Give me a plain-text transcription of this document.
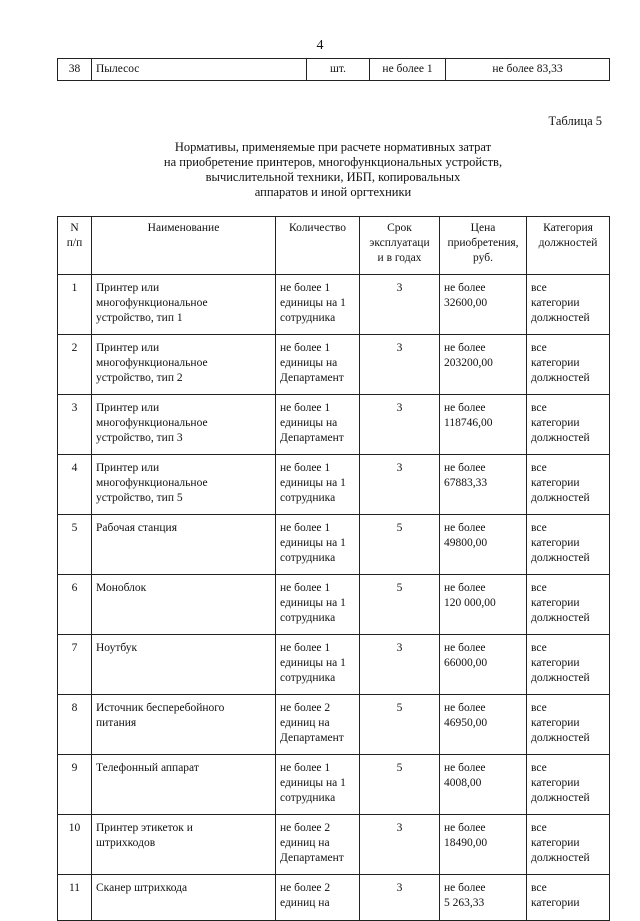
4
38	Пылесос	шт.	не более 1	не более 83,33
Таблица 5
Нормативы, применяемые при расчете нормативных затрат
на приобретение принтеров, многофункциональных устройств,
вычислительной техники, ИБП, копировальных
аппаратов и иной оргтехники
N
п/п	Наименование	Количество	Срок
эксплуатаци
и в годах	Цена
приобретения,
руб.	Категория
должностей

1	Принтер или
многофункциональное
устройство, тип 1	не более 1
единицы на 1
сотрудника	3	не более
32600,00	все
категории
должностей

2	Принтер или
многофункциональное
устройство, тип 2	не более 1
единицы на
Департамент	3	не более
203200,00	все
категории
должностей

3	Принтер или
многофункциональное
устройство, тип 3	не более 1
единицы на
Департамент	3	не более
118746,00	все
категории
должностей

4	Принтер или
многофункциональное
устройство, тип 5	не более 1
единицы на 1
сотрудника	3	не более
67883,33	все
категории
должностей

5	Рабочая станция	не более 1
единицы на 1
сотрудника	5	не более
49800,00	все
категории
должностей

6	Моноблок	не более 1
единицы на 1
сотрудника	5	не более
120 000,00	все
категории
должностей

7	Ноутбук	не более 1
единицы на 1
сотрудника	3	не более
66000,00	все
категории
должностей

8	Источник бесперебойного
питания	не более 2
единиц на
Департамент	5	не более
46950,00	все
категории
должностей

9	Телефонный аппарат	не более 1
единицы на 1
сотрудника	5	не более
4008,00	все
категории
должностей

10	Принтер этикеток и
штрихкодов	не более 2
единиц на
Департамент	3	не более
18490,00	все
категории
должностей

11	Сканер штрихкода	не более 2
единиц на	3	не более
5 263,33	все
категории
